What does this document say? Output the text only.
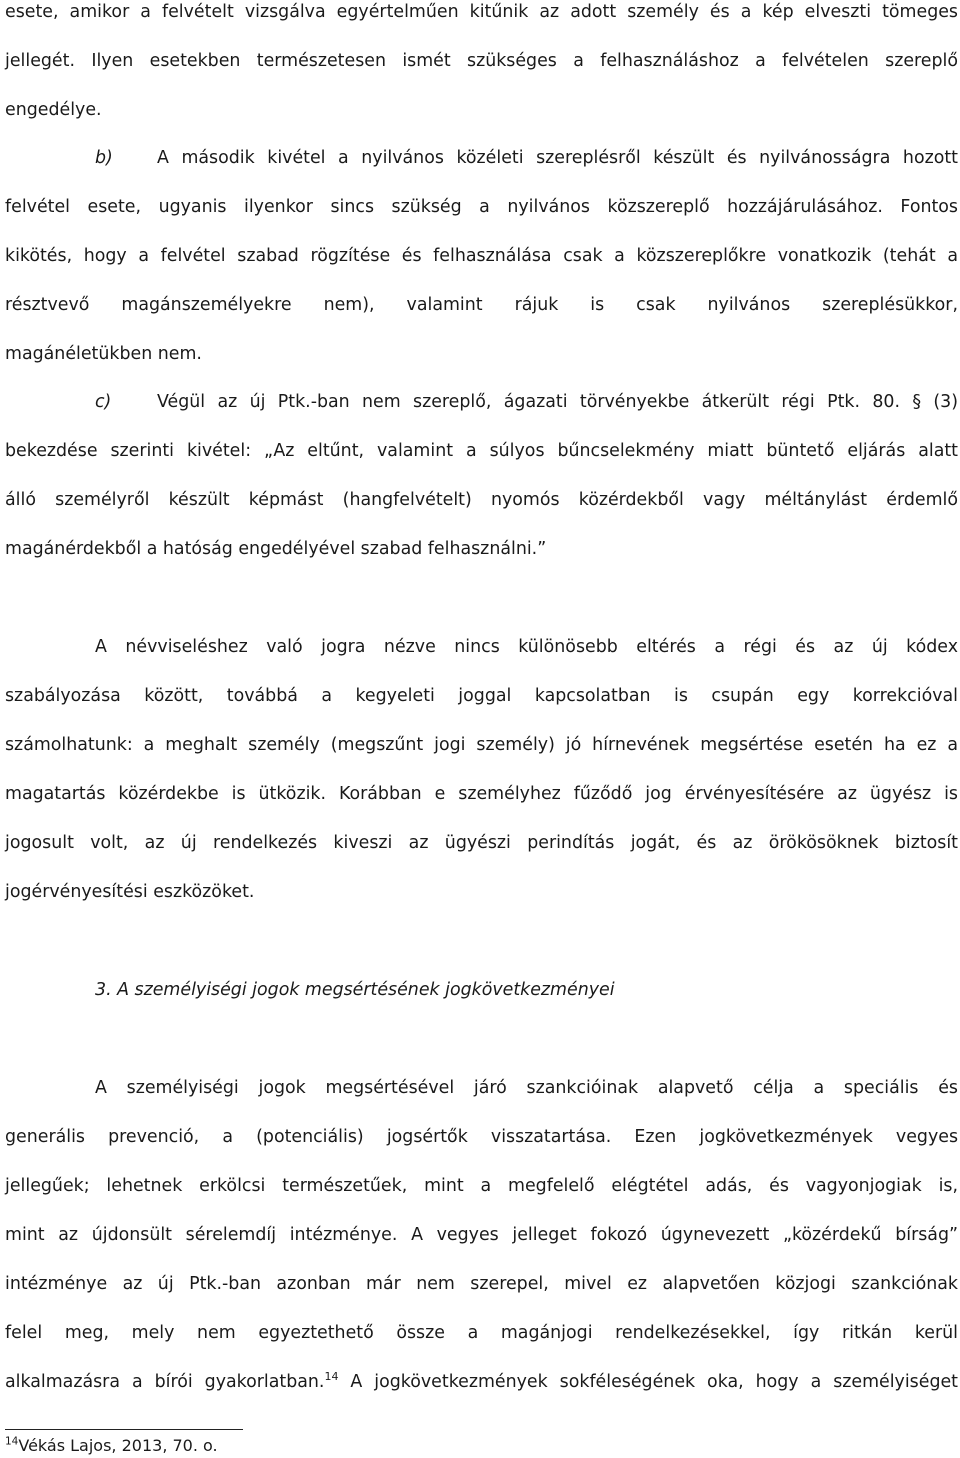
esete, amikor a felvételt vizsgálva egyértelműen kitűnik az adott személy és a kép elveszti tömeges
jellegét. Ilyen esetekben természetesen ismét szükséges a felhasználáshoz a felvételen szereplő
engedélye.
b)	A második kivétel a nyilvános közéleti szereplésről készült és nyilvánosságra hozott
felvétel esete, ugyanis ilyenkor sincs szükség a nyilvános közszereplő hozzájárulásához. Fontos
kikötés, hogy a felvétel szabad rögzítése és felhasználása csak a közszereplőkre vonatkozik (tehát a
résztvevő magánszemélyekre nem), valamint rájuk is csak nyilvános szereplésükkor,
magánéletükben nem.
c)	Végül az új Ptk.-ban nem szereplő, ágazati törvényekbe átkerült régi Ptk. 80. § (3)
bekezdése szerinti kivétel: „Az eltűnt, valamint a súlyos bűncselekmény miatt büntető eljárás alatt
álló személyről készült képmást (hangfelvételt) nyomós közérdekből vagy méltánylást érdemlő
magánérdekből a hatóság engedélyével szabad felhasználni.”
A névviseléshez való jogra nézve nincs különösebb eltérés a régi és az új kódex
szabályozása között, továbbá a kegyeleti joggal kapcsolatban is csupán egy korrekcióval
számolhatunk: a meghalt személy (megszűnt jogi személy) jó hírnevének megsértése esetén ha ez a
magatartás közérdekbe is ütközik. Korábban e személyhez fűződő jog érvényesítésére az ügyész is
jogosult volt, az új rendelkezés kiveszi az ügyészi perindítás jogát, és az örökösöknek biztosít
jogérvényesítési eszközöket.
3. A személyiségi jogok megsértésének jogkövetkezményei
A személyiségi jogok megsértésével járó szankcióinak alapvető célja a speciális és
generális prevenció, a (potenciális) jogsértők visszatartása. Ezen jogkövetkezmények vegyes
jellegűek; lehetnek erkölcsi természetűek, mint a megfelelő elégtétel adás, és vagyonjogiak is,
mint az újdonsült sérelemdíj intézménye. A vegyes jelleget fokozó úgynevezett „közérdekű bírság”
intézménye az új Ptk.-ban azonban már nem szerepel, mivel ez alapvetően közjogi szankciónak
felel meg, mely nem egyeztethető össze a magánjogi rendelkezésekkel, így ritkán kerül
alkalmazásra a bírói gyakorlatban.$^{14}$ A jogkövetkezmények sokféleségének oka, hogy a személyiséget
$^{14}$Vékás Lajos, 2013, 70. o.
